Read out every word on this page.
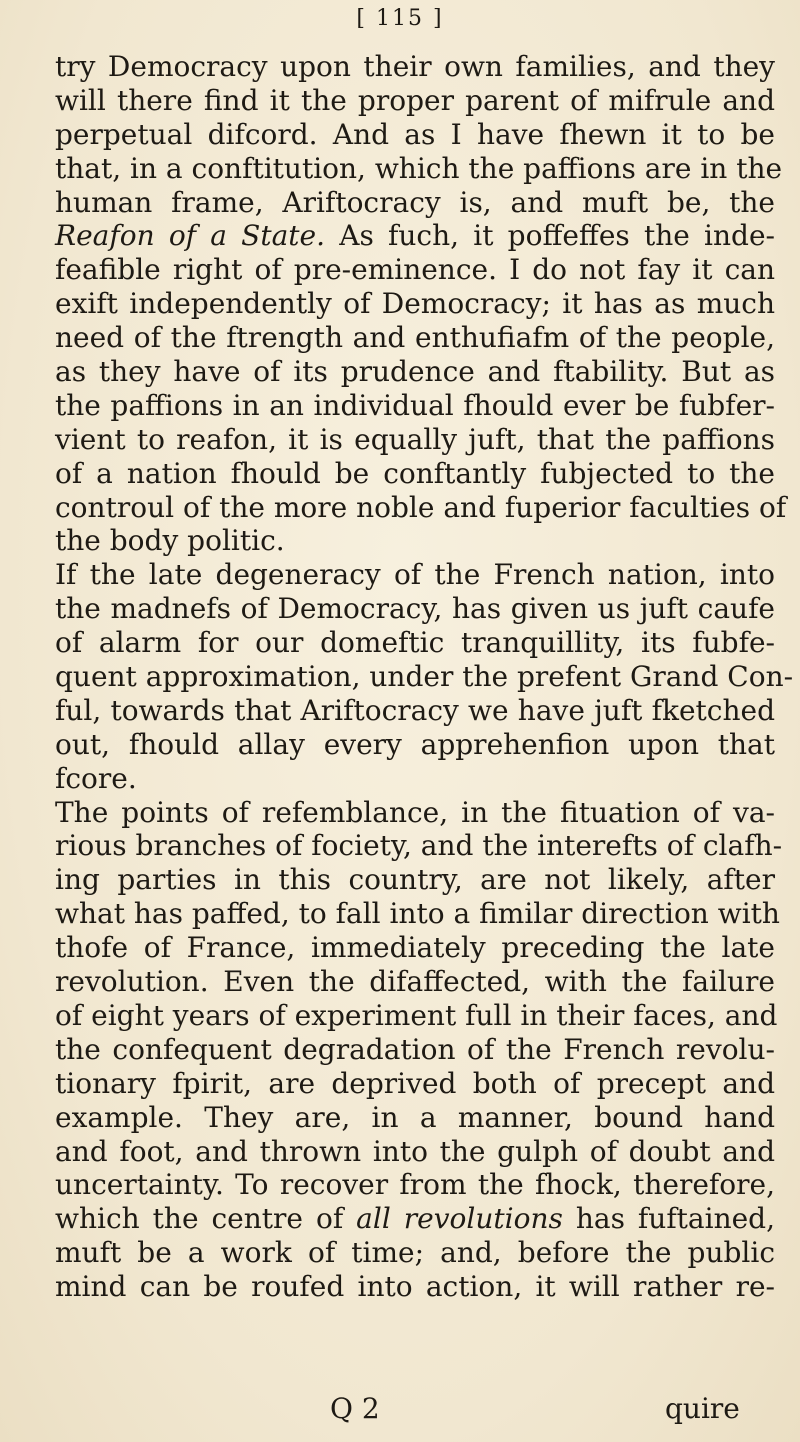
[ 115 ]
try Democracy upon their own families, and they
will there find it the proper parent of mifrule and
perpetual difcord. And as I have fhewn it to be
that, in a conftitution, which the paffions are in the
human frame, Ariftocracy is, and muft be, the
Reafon of a State. As fuch, it poffeffes the inde-
feafible right of pre-eminence. I do not fay it can
exift independently of Democracy; it has as much
need of the ftrength and enthufiafm of the people,
as they have of its prudence and ftability. But as
the paffions in an individual fhould ever be fubfer-
vient to reafon, it is equally juft, that the paffions
of a nation fhould be conftantly fubjected to the
controul of the more noble and fuperior faculties of
the body politic.
If the late degeneracy of the French nation, into
the madnefs of Democracy, has given us juft caufe
of alarm for our domeftic tranquillity, its fubfe-
quent approximation, under the prefent Grand Con-
ful, towards that Ariftocracy we have juft fketched
out, fhould allay every apprehenfion upon that
fcore.
The points of refemblance, in the fituation of va-
rious branches of fociety, and the interefts of clafh-
ing parties in this country, are not likely, after
what has paffed, to fall into a fimilar direction with
thofe of France, immediately preceding the late
revolution. Even the difaffected, with the failure
of eight years of experiment full in their faces, and
the confequent degradation of the French revolu-
tionary fpirit, are deprived both of precept and
example. They are, in a manner, bound hand
and foot, and thrown into the gulph of doubt and
uncertainty. To recover from the fhock, therefore,
which the centre of all revolutions has fuftained,
muft be a work of time; and, before the public
mind can be roufed into action, it will rather re-
Q 2	quire
